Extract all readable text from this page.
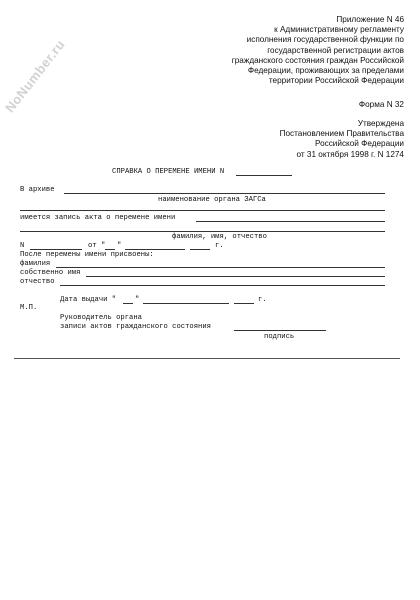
NoNumber.ru
Приложение N 46
к Административному регламенту
исполнения государственной функции по
государственной регистрации актов
гражданского состояния граждан Российской
Федерации, проживающих за пределами
территории Российской Федерации
Форма N 32
Утверждена
Постановлением Правительства
Российской Федерации
от 31 октября 1998 г. N 1274
СПРАВКА О ПЕРЕМЕНЕ ИМЕНИ N
В архиве
наименование органа ЗАГСа
имеется запись акта о перемене имени
фамилия, имя, отчество
N	от " "	г.
После перемены имени присвоены:
фамилия
собственно имя
отчество
Дата выдачи "	"	г.
М.П.
Руководитель органа
записи актов гражданского состояния
подпись
